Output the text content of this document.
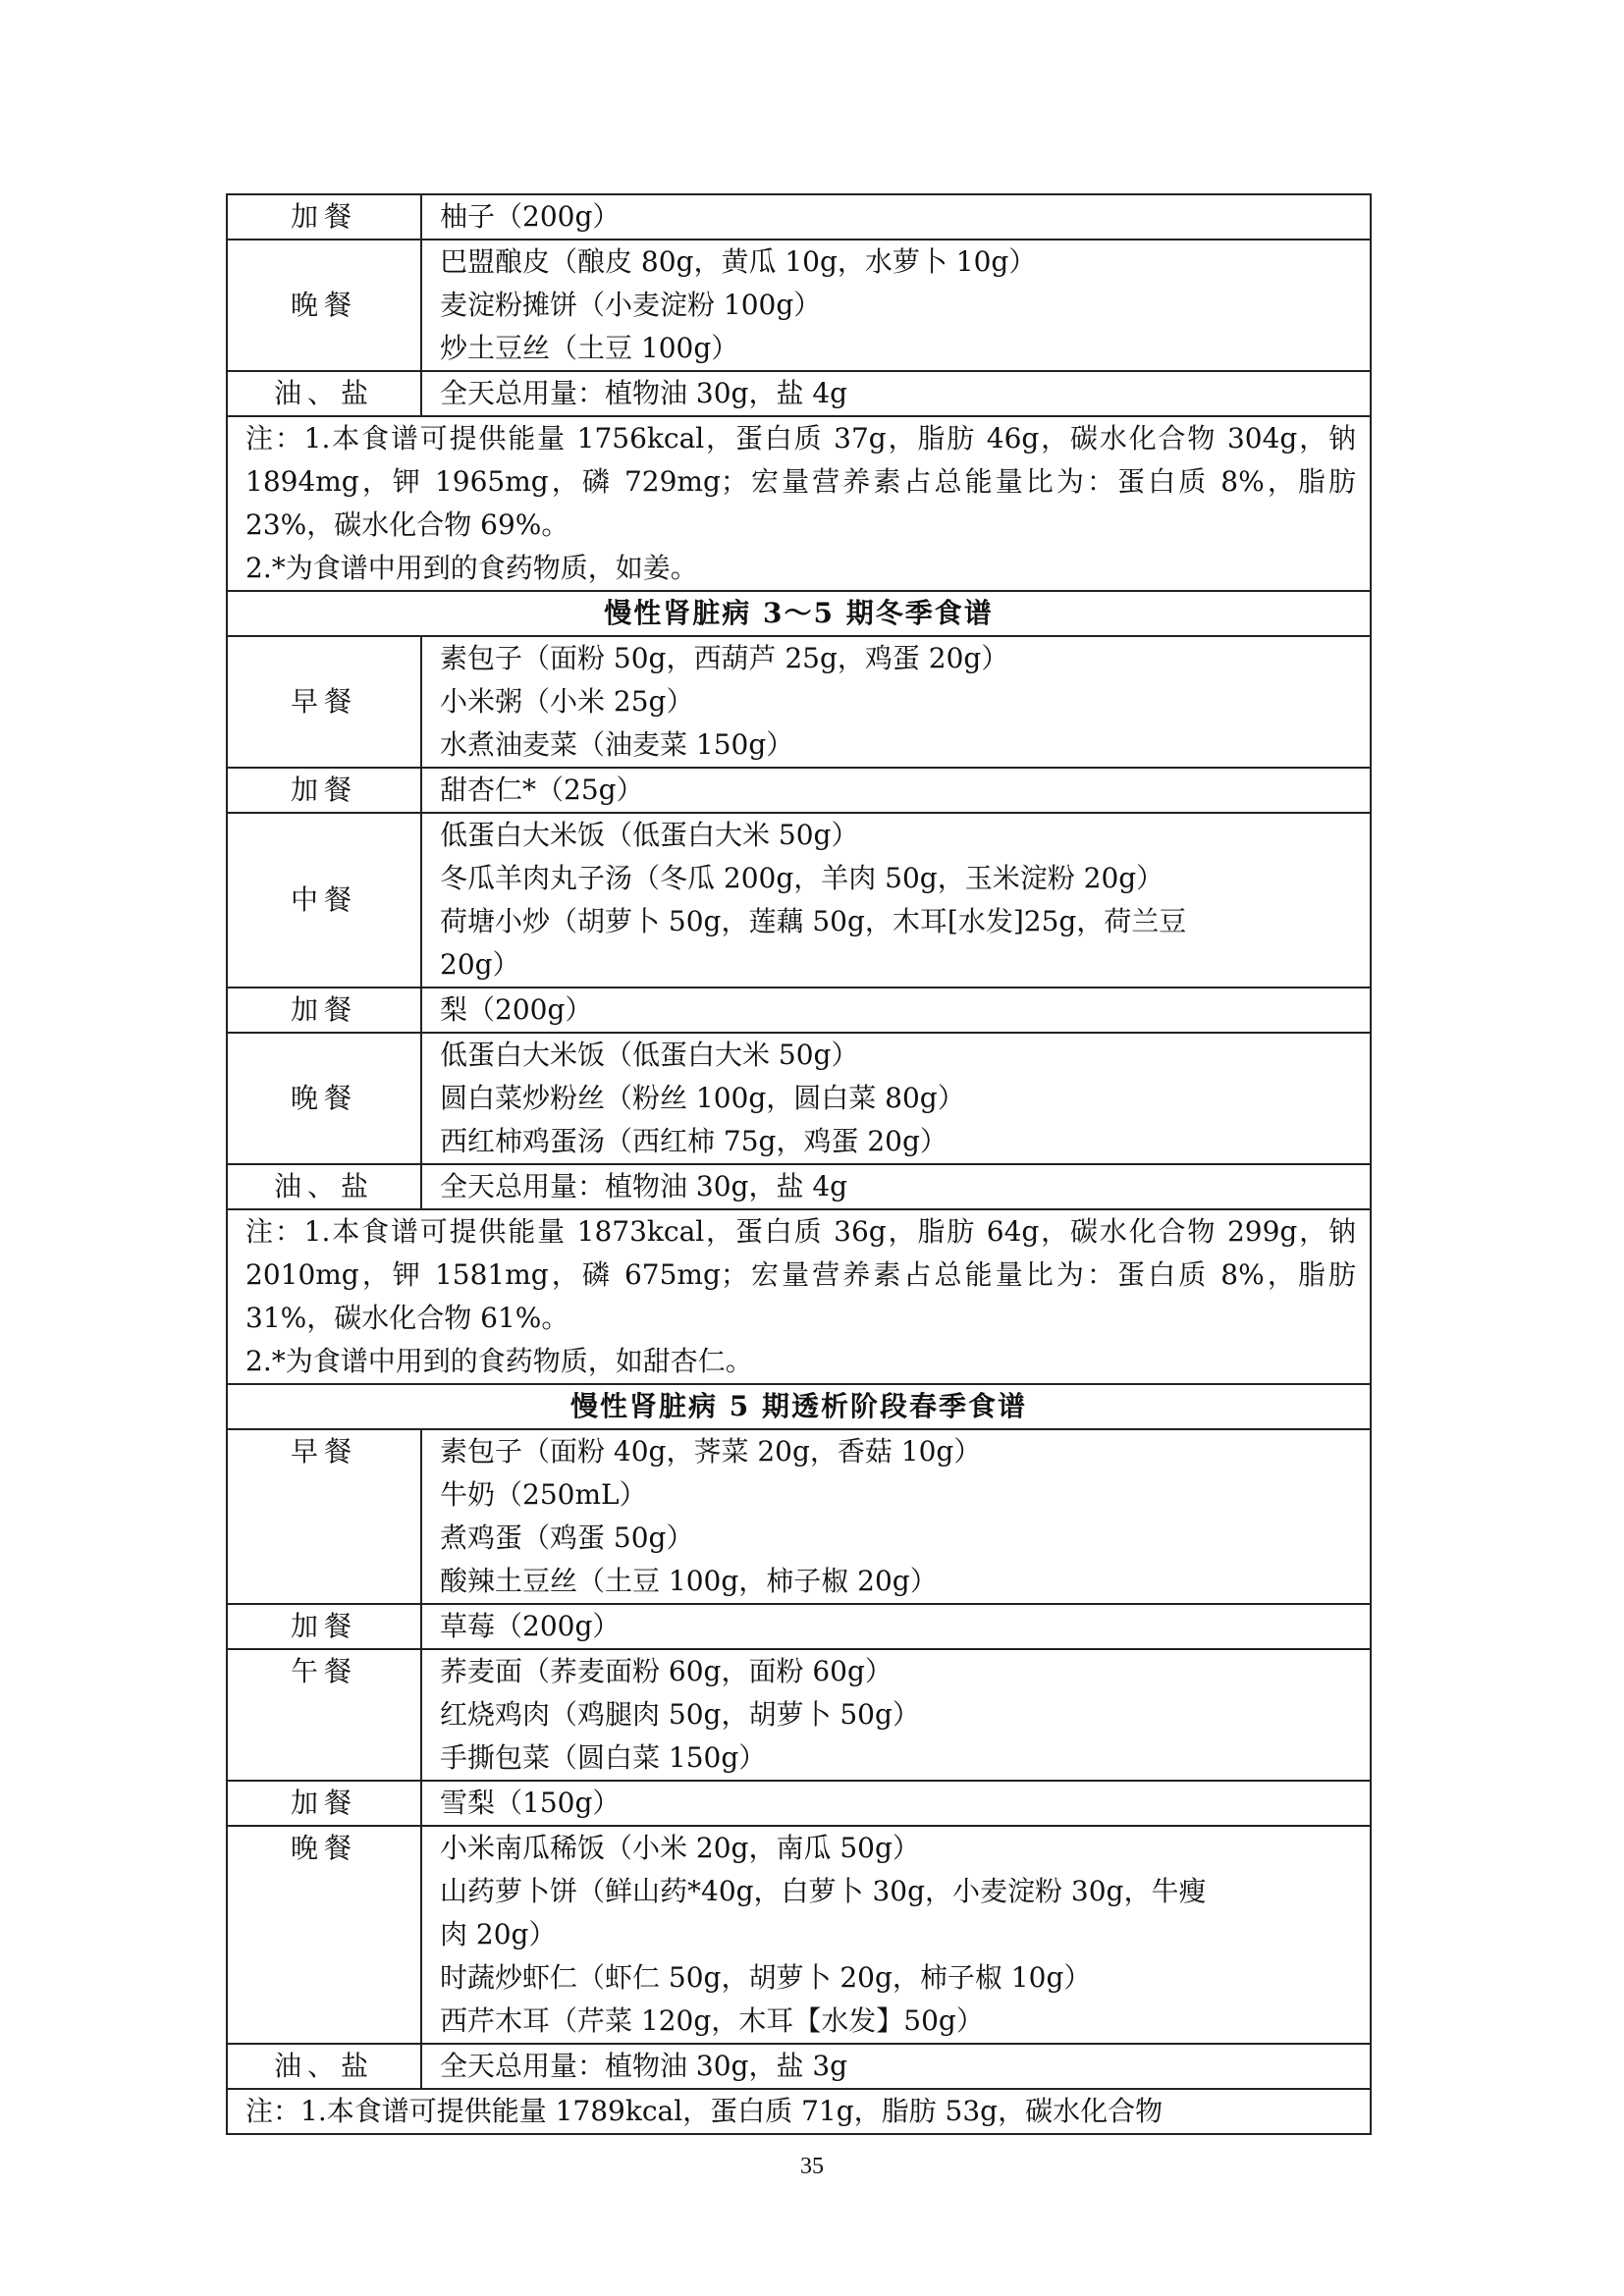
加餐	柚子（200g）

晚餐	巴盟酿皮（酿皮 80g，黄瓜 10g，水萝卜 10g）
麦淀粉摊饼（小麦淀粉 100g）
炒土豆丝（土豆 100g）

油、盐	全天总用量：植物油 30g，盐 4g

注：1.本食谱可提供能量 1756kcal，蛋白质 37g，脂肪 46g，碳水化合物 304g，钠 1894mg，钾 1965mg，磷 729mg；宏量营养素占总能量比为：蛋白质 8%，脂肪 23%，碳水化合物 69%。
2.*为食谱中用到的食药物质，如姜。	

慢性肾脏病 3～5 期冬季食谱	
早餐	素包子（面粉 50g，西葫芦 25g，鸡蛋 20g）
小米粥（小米 25g）
水煮油麦菜（油麦菜 150g）

加餐	甜杏仁*（25g）

中餐	低蛋白大米饭（低蛋白大米 50g）
冬瓜羊肉丸子汤（冬瓜 200g，羊肉 50g，玉米淀粉 20g）
荷塘小炒（胡萝卜 50g，莲藕 50g，木耳[水发]25g，荷兰豆
20g）

加餐	梨（200g）

晚餐	低蛋白大米饭（低蛋白大米 50g）
圆白菜炒粉丝（粉丝 100g，圆白菜 80g）
西红柿鸡蛋汤（西红柿 75g，鸡蛋 20g）

油、盐	全天总用量：植物油 30g，盐 4g

注：1.本食谱可提供能量 1873kcal，蛋白质 36g，脂肪 64g，碳水化合物 299g，钠 2010mg，钾 1581mg，磷 675mg；宏量营养素占总能量比为：蛋白质 8%，脂肪 31%，碳水化合物 61%。
2.*为食谱中用到的食药物质，如甜杏仁。	

慢性肾脏病 5 期透析阶段春季食谱	
早餐	素包子（面粉 40g，荠菜 20g，香菇 10g）
牛奶（250mL）
煮鸡蛋（鸡蛋 50g）
酸辣土豆丝（土豆 100g，柿子椒 20g）

加餐	草莓（200g）

午餐	荞麦面（荞麦面粉 60g，面粉 60g）
红烧鸡肉（鸡腿肉 50g，胡萝卜 50g）
手撕包菜（圆白菜 150g）

加餐	雪梨（150g）

晚餐	小米南瓜稀饭（小米 20g，南瓜 50g）
山药萝卜饼（鲜山药*40g，白萝卜 30g，小麦淀粉 30g，牛瘦
肉 20g）
时蔬炒虾仁（虾仁 50g，胡萝卜 20g，柿子椒 10g）
西芹木耳（芹菜 120g，木耳【水发】50g）

油、盐	全天总用量：植物油 30g，盐 3g

注：1.本食谱可提供能量 1789kcal，蛋白质 71g，脂肪 53g，碳水化合物	
35
